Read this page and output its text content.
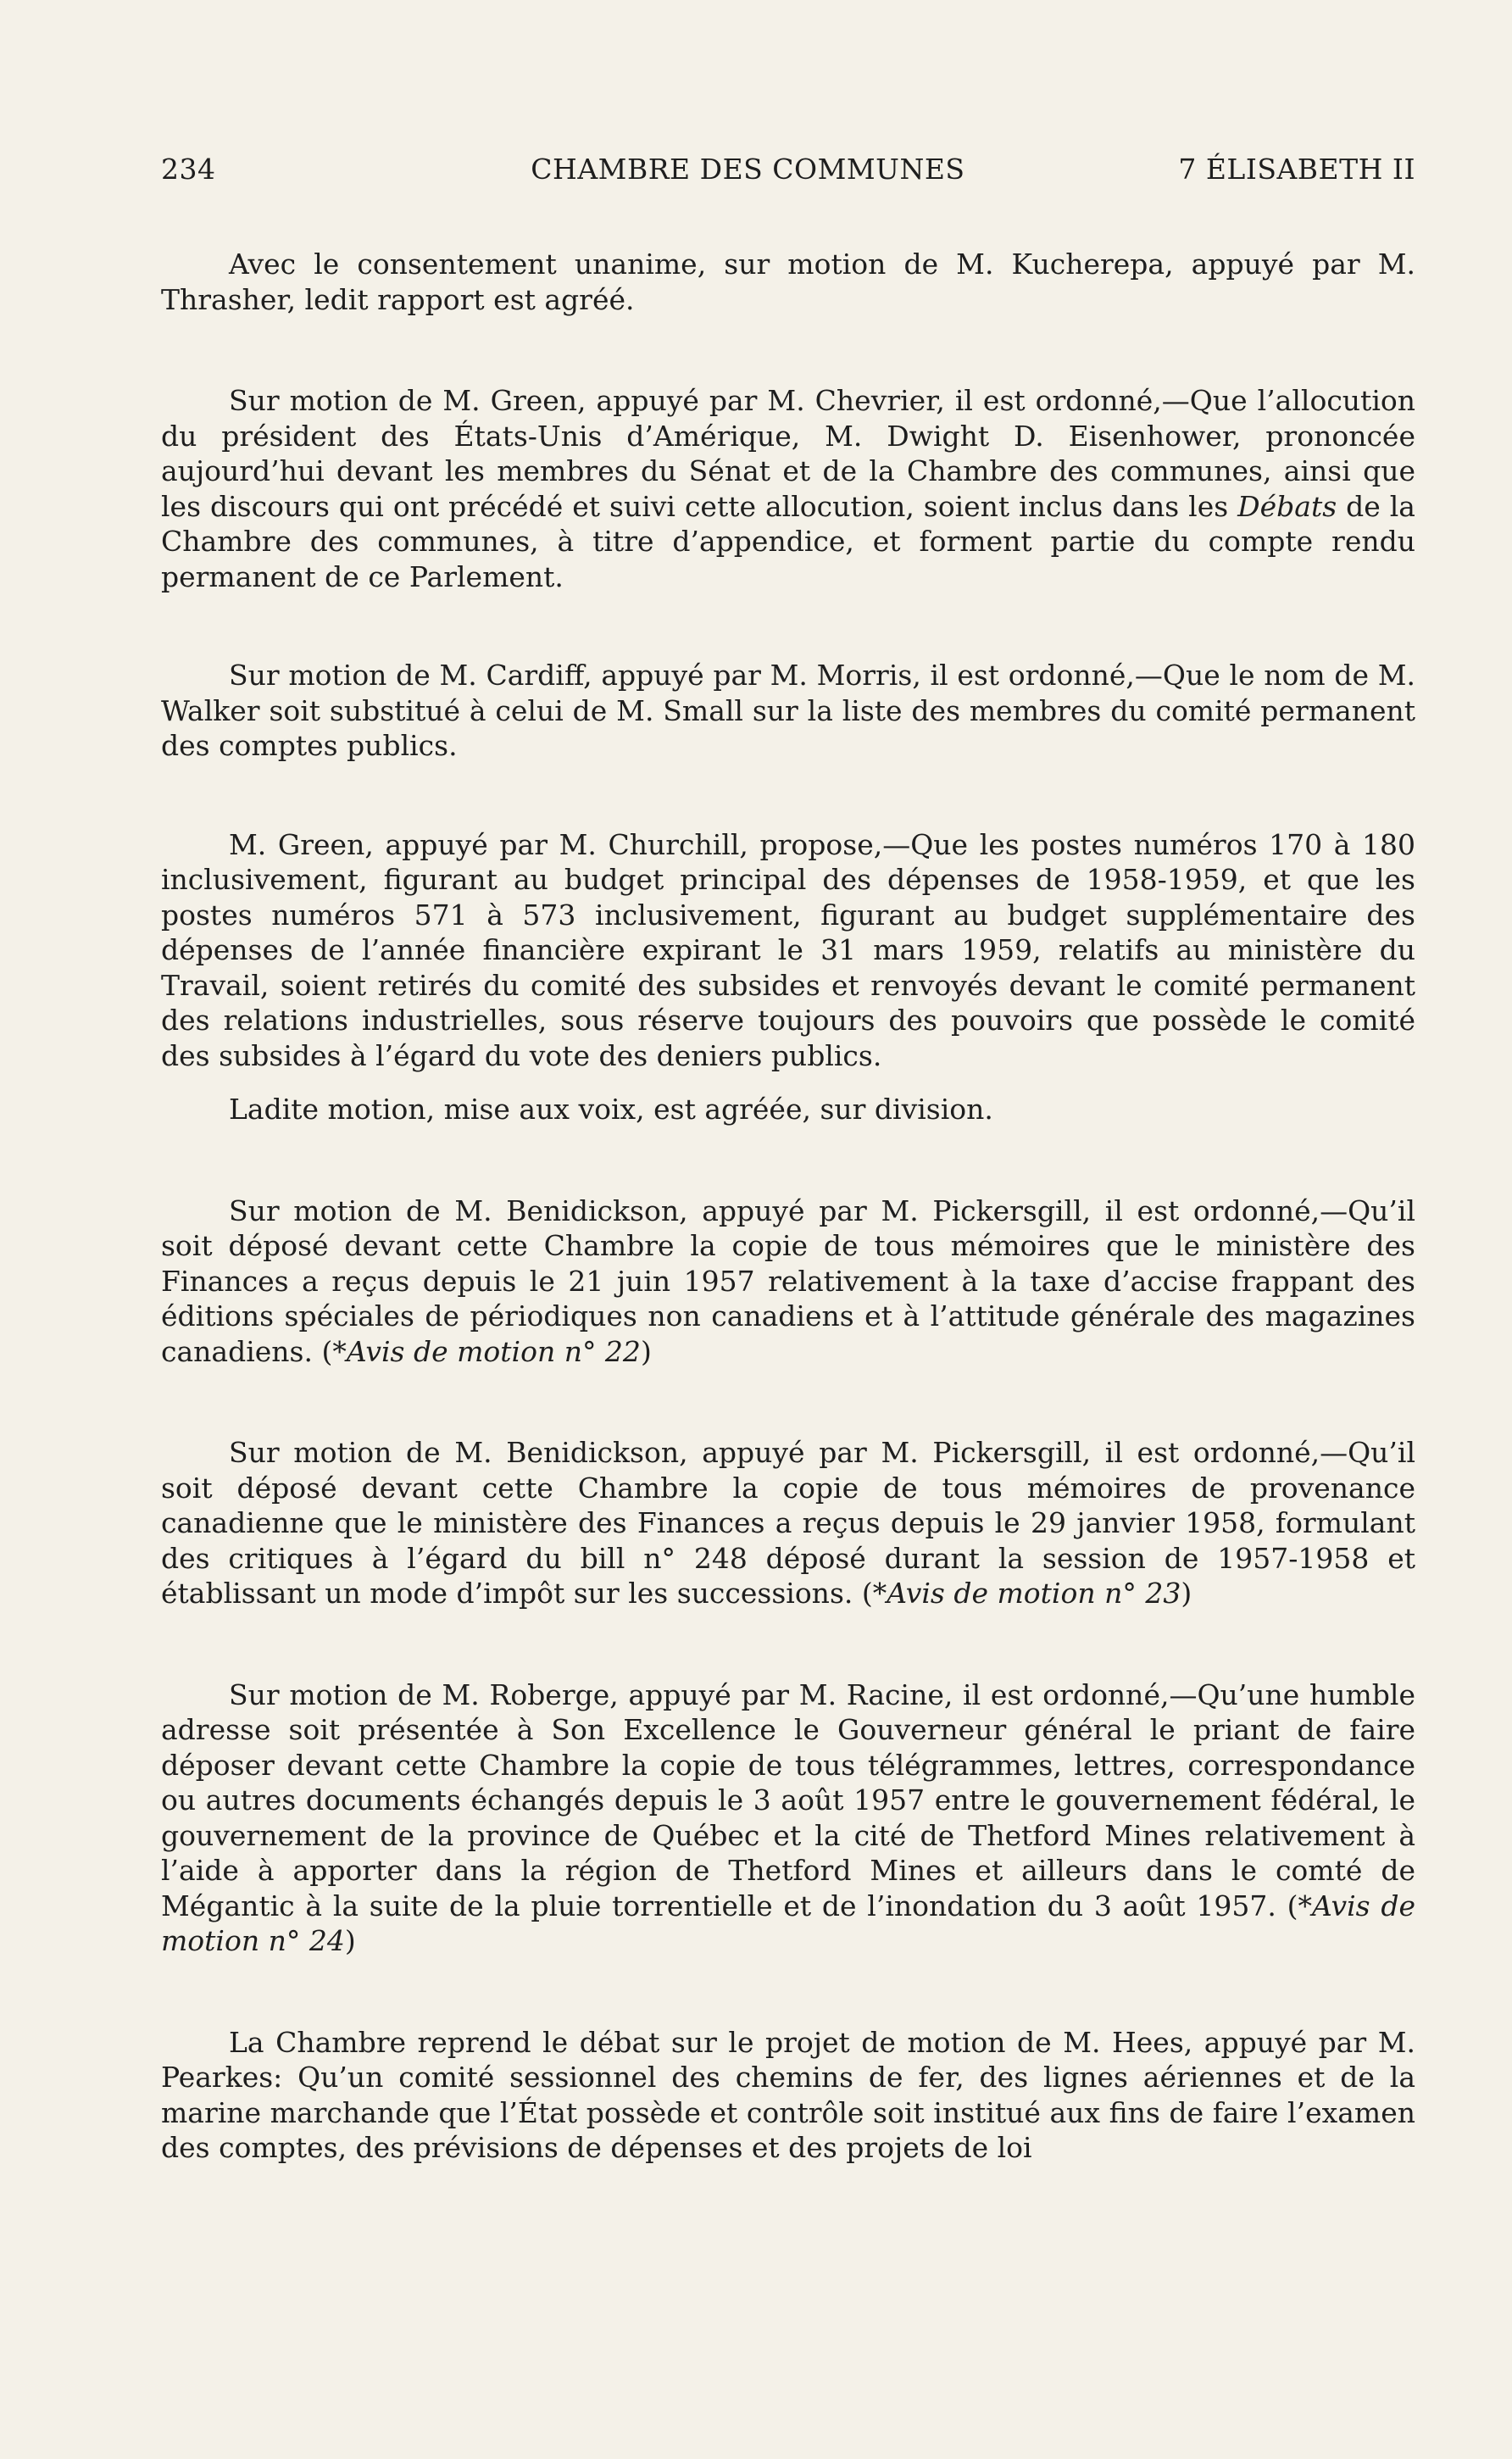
234	CHAMBRE DES COMMUNES	7 ÉLISABETH II

Avec le consentement unanime, sur motion de M. Kucherepa, appuyé par M. Thrasher, ledit rapport est agréé.

Sur motion de M. Green, appuyé par M. Chevrier, il est ordonné,—Que l’allocution du président des États-Unis d’Amérique, M. Dwight D. Eisenhower, prononcée aujourd’hui devant les membres du Sénat et de la Chambre des communes, ainsi que les discours qui ont précédé et suivi cette allocution, soient inclus dans les Débats de la Chambre des communes, à titre d’appendice, et forment partie du compte rendu permanent de ce Parlement.

Sur motion de M. Cardiff, appuyé par M. Morris, il est ordonné,—Que le nom de M. Walker soit substitué à celui de M. Small sur la liste des membres du comité permanent des comptes publics.

M. Green, appuyé par M. Churchill, propose,—Que les postes numéros 170 à 180 inclusivement, figurant au budget principal des dépenses de 1958-1959, et que les postes numéros 571 à 573 inclusivement, figurant au budget supplémentaire des dépenses de l’année financière expirant le 31 mars 1959, relatifs au ministère du Travail, soient retirés du comité des subsides et renvoyés devant le comité permanent des relations industrielles, sous réserve toujours des pouvoirs que possède le comité des subsides à l’égard du vote des deniers publics.

Ladite motion, mise aux voix, est agréée, sur division.

Sur motion de M. Benidickson, appuyé par M. Pickersgill, il est ordonné,—Qu’il soit déposé devant cette Chambre la copie de tous mémoires que le ministère des Finances a reçus depuis le 21 juin 1957 relativement à la taxe d’accise frappant des éditions spéciales de périodiques non canadiens et à l’attitude générale des magazines canadiens. (*Avis de motion n° 22)

Sur motion de M. Benidickson, appuyé par M. Pickersgill, il est ordonné,—Qu’il soit déposé devant cette Chambre la copie de tous mémoires de provenance canadienne que le ministère des Finances a reçus depuis le 29 janvier 1958, formulant des critiques à l’égard du bill n° 248 déposé durant la session de 1957-1958 et établissant un mode d’impôt sur les successions. (*Avis de motion n° 23)

Sur motion de M. Roberge, appuyé par M. Racine, il est ordonné,—Qu’une humble adresse soit présentée à Son Excellence le Gouverneur général le priant de faire déposer devant cette Chambre la copie de tous télégrammes, lettres, correspondance ou autres documents échangés depuis le 3 août 1957 entre le gouvernement fédéral, le gouvernement de la province de Québec et la cité de Thetford Mines relativement à l’aide à apporter dans la région de Thetford Mines et ailleurs dans le comté de Mégantic à la suite de la pluie torrentielle et de l’inondation du 3 août 1957. (*Avis de motion n° 24)

La Chambre reprend le débat sur le projet de motion de M. Hees, appuyé par M. Pearkes: Qu’un comité sessionnel des chemins de fer, des lignes aériennes et de la marine marchande que l’État possède et contrôle soit institué aux fins de faire l’examen des comptes, des prévisions de dépenses et des projets de loi
